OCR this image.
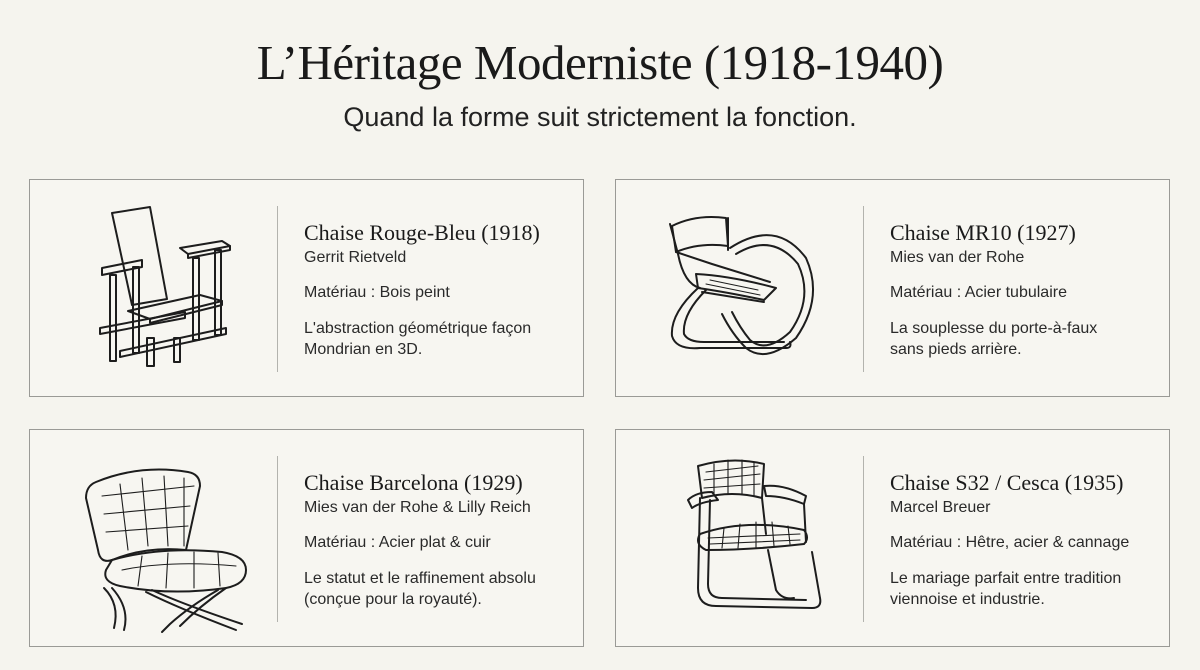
L’Héritage Moderniste (1918-1940)

Quand la forme suit strictement la fonction.

Chaise Rouge-Bleu (1918)
Gerrit Rietveld
Matériau : Bois peint
L'abstraction géométrique façon
Mondrian en 3D.
Chaise MR10 (1927)
Mies van der Rohe
Matériau : Acier tubulaire
La souplesse du porte-à-faux
sans pieds arrière.
Chaise Barcelona (1929)
Mies van der Rohe & Lilly Reich
Matériau : Acier plat & cuir
Le statut et le raffinement absolu
(conçue pour la royauté).
Chaise S32 / Cesca (1935)
Marcel Breuer
Matériau : Hêtre, acier & cannage
Le mariage parfait entre tradition
viennoise et industrie.
